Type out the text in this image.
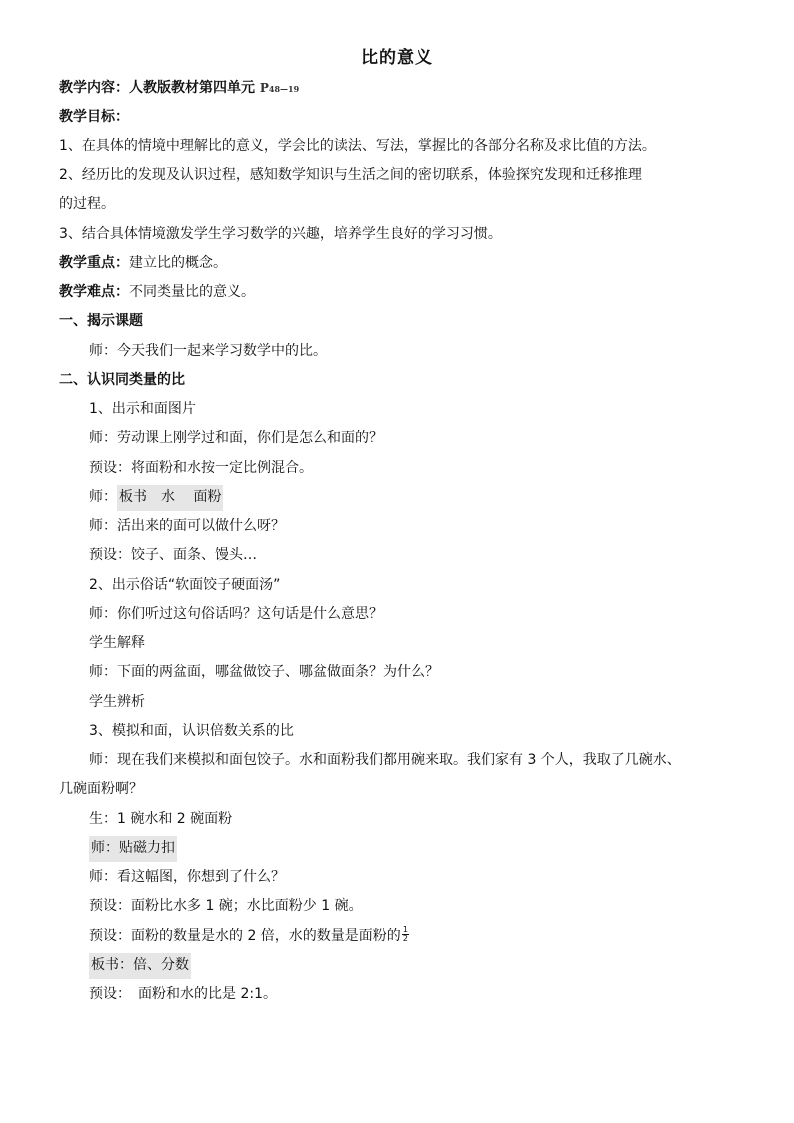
比的意义
教学内容：人教版教材第四单元 P48—19
教学目标：
1、在具体的情境中理解比的意义，学会比的读法、写法，掌握比的各部分名称及求比值的方法。
2、经历比的发现及认识过程，感知数学知识与生活之间的密切联系，体验探究发现和迁移推理
的过程。
3、结合具体情境激发学生学习数学的兴趣，培养学生良好的学习习惯。
教学重点：建立比的概念。
教学难点：不同类量比的意义。
一、揭示课题
师：今天我们一起来学习数学中的比。
二、认识同类量的比
1、出示和面图片
师：劳动课上刚学过和面，你们是怎么和面的？
预设：将面粉和水按一定比例混合。
师： 板书　水　 面粉
师：活出来的面可以做什么呀？
预设：饺子、面条、馒头…
2、出示俗话“软面饺子硬面汤”
师：你们听过这句俗话吗？这句话是什么意思？
学生解释
师：下面的两盆面，哪盆做饺子、哪盆做面条？为什么？
学生辨析
3、模拟和面，认识倍数关系的比
师：现在我们来模拟和面包饺子。水和面粉我们都用碗来取。我们家有 3 个人，我取了几碗水、
几碗面粉啊？
生：1 碗水和 2 碗面粉
师：贴磁力扣
师：看这幅图，你想到了什么？
预设：面粉比水多 1 碗；水比面粉少 1 碗。
预设：面粉的数量是水的 2 倍，水的数量是面粉的 $\frac{1}{2}$
板书：倍、分数
预设：　面粉和水的比是 2:1。
